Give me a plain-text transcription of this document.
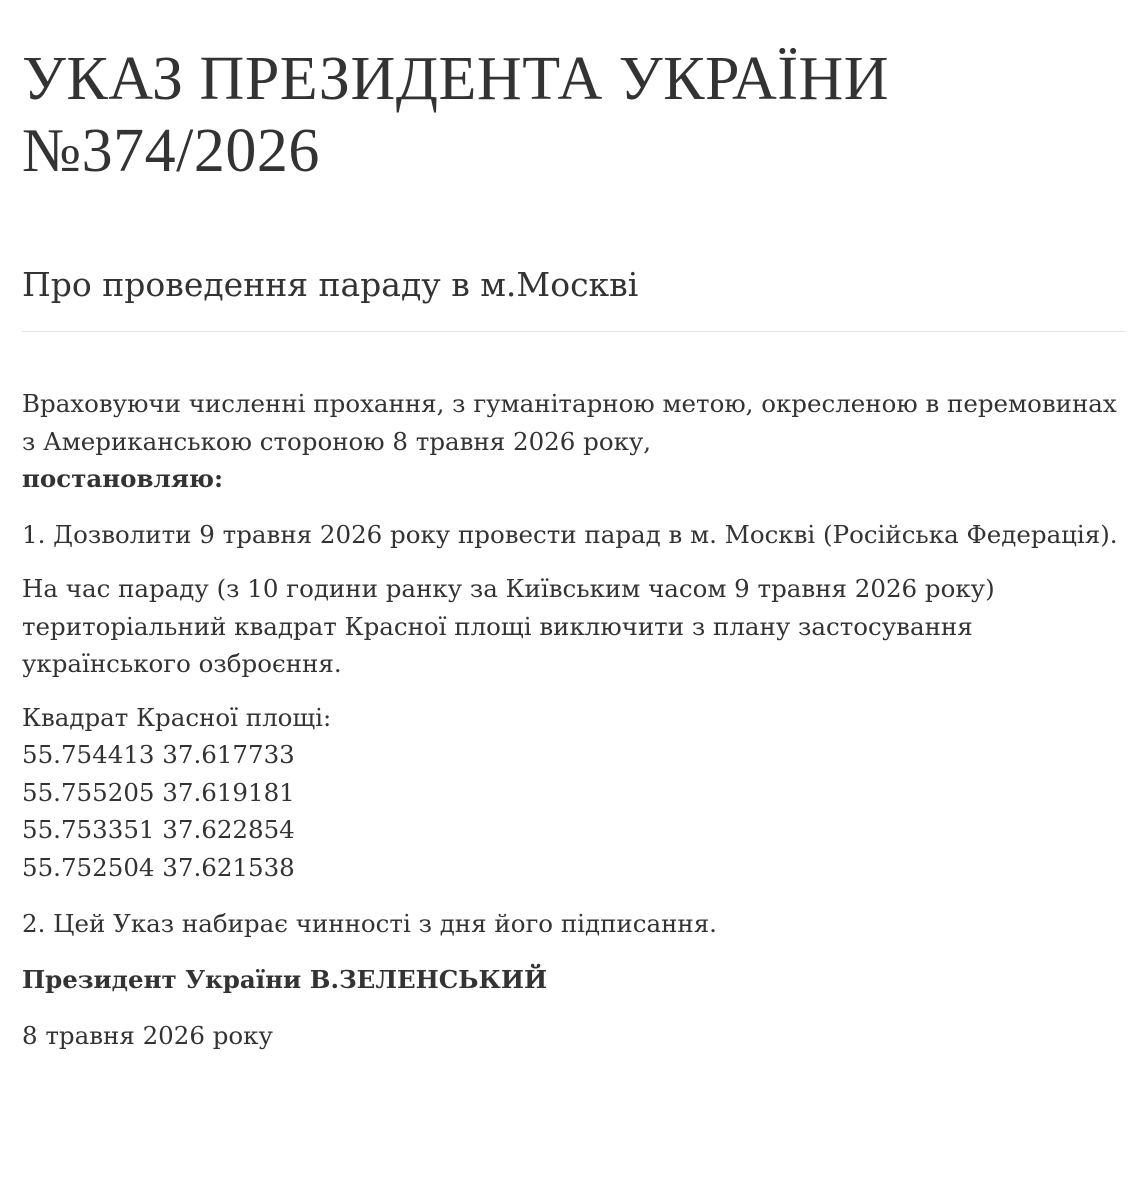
УКАЗ ПРЕЗИДЕНТА УКРАЇНИ
№374/2026
Про проведення параду в м.Москві

Враховуючи численні прохання, з гуманітарною метою, окресленою в перемовинах з Американською стороною 8 травня 2026 року,
постановляю:

1. Дозволити 9 травня 2026 року провести парад в м. Москві (Російська Федерація).

На час параду (з 10 години ранку за Київським часом 9 травня 2026 року) територіальний квадрат Красної площі виключити з плану застосування українського озброєння.

Квадрат Красної площі:
55.754413 37.617733
55.755205 37.619181
55.753351 37.622854
55.752504 37.621538

2. Цей Указ набирає чинності з дня його підписання.

Президент України В.ЗЕЛЕНСЬКИЙ

8 травня 2026 року
